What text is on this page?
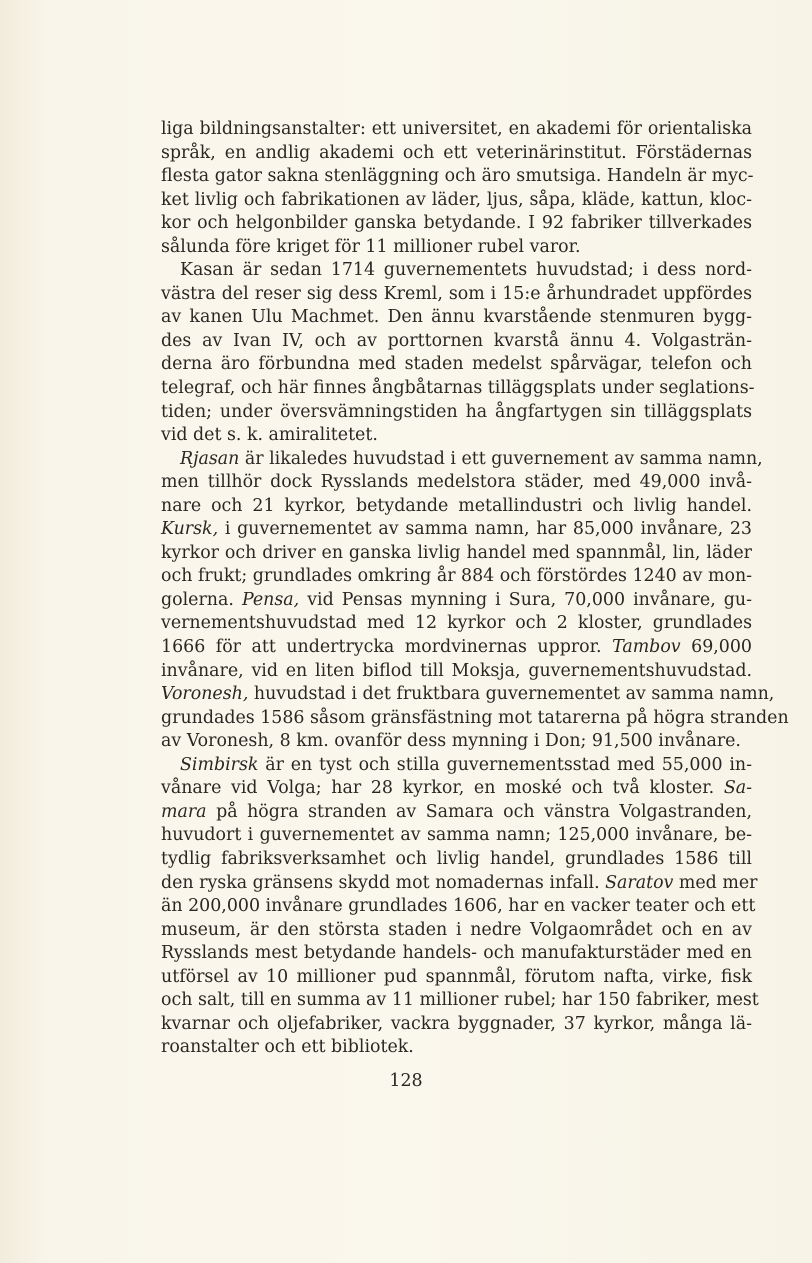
liga bildningsanstalter: ett universitet, en akademi för orientaliska
språk, en andlig akademi och ett veterinärinstitut. Förstädernas
flesta gator sakna stenläggning och äro smutsiga. Handeln är myc-
ket livlig och fabrikationen av läder, ljus, såpa, kläde, kattun, kloc-
kor och helgonbilder ganska betydande. I 92 fabriker tillverkades
sålunda före kriget för 11 millioner rubel varor.
Kasan är sedan 1714 guvernementets huvudstad; i dess nord-
västra del reser sig dess Kreml, som i 15:e århundradet uppfördes
av kanen Ulu Machmet. Den ännu kvarstående stenmuren bygg-
des av Ivan IV, och av porttornen kvarstå ännu 4. Volgasträn-
derna äro förbundna med staden medelst spårvägar, telefon och
telegraf, och här finnes ångbåtarnas tilläggsplats under seglations-
tiden; under översvämningstiden ha ångfartygen sin tilläggsplats
vid det s. k. amiralitetet.
Rjasan är likaledes huvudstad i ett guvernement av samma namn,
men tillhör dock Rysslands medelstora städer, med 49,000 invå-
nare och 21 kyrkor, betydande metallindustri och livlig handel.
Kursk, i guvernementet av samma namn, har 85,000 invånare, 23
kyrkor och driver en ganska livlig handel med spannmål, lin, läder
och frukt; grundlades omkring år 884 och förstördes 1240 av mon-
golerna. Pensa, vid Pensas mynning i Sura, 70,000 invånare, gu-
vernementshuvudstad med 12 kyrkor och 2 kloster, grundlades
1666 för att undertrycka mordvinernas uppror. Tambov 69,000
invånare, vid en liten biflod till Moksja, guvernementshuvudstad.
Voronesh, huvudstad i det fruktbara guvernementet av samma namn,
grundades 1586 såsom gränsfästning mot tatarerna på högra stranden
av Voronesh, 8 km. ovanför dess mynning i Don; 91,500 invånare.
Simbirsk är en tyst och stilla guvernementsstad med 55,000 in-
vånare vid Volga; har 28 kyrkor, en moské och två kloster. Sa-
mara på högra stranden av Samara och vänstra Volgastranden,
huvudort i guvernementet av samma namn; 125,000 invånare, be-
tydlig fabriksverksamhet och livlig handel, grundlades 1586 till
den ryska gränsens skydd mot nomadernas infall. Saratov med mer
än 200,000 invånare grundlades 1606, har en vacker teater och ett
museum, är den största staden i nedre Volgaområdet och en av
Rysslands mest betydande handels- och manufakturstäder med en
utförsel av 10 millioner pud spannmål, förutom nafta, virke, fisk
och salt, till en summa av 11 millioner rubel; har 150 fabriker, mest
kvarnar och oljefabriker, vackra byggnader, 37 kyrkor, många lä-
roanstalter och ett bibliotek.
128
